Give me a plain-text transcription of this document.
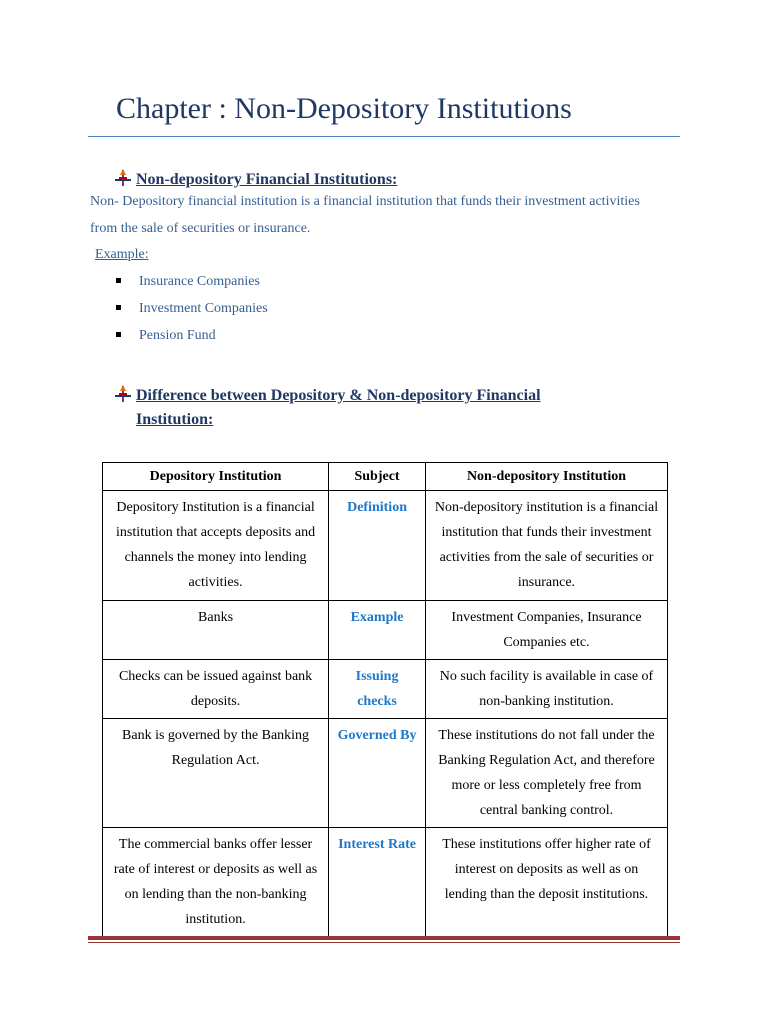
Chapter : Non-Depository Institutions
Non-depository Financial Institutions:

Non- Depository financial institution is a financial institution that funds their investment activities from the sale of securities or insurance.

Example:

Insurance Companies
Investment Companies
Pension Fund
Difference between Depository & Non-depository Financial Institution:
Depository Institution	Subject	Non-depository Institution
Depository Institution is a financial institution that accepts deposits and channels the money into lending activities.	Definition	Non-depository institution is a financial institution that funds their investment activities from the sale of securities or insurance.
Banks	Example	Investment Companies, Insurance Companies etc.
Checks can be issued against bank deposits.	Issuing checks	No such facility is available in case of non-banking institution.
Bank is governed by the Banking Regulation Act.	Governed By	These institutions do not fall under the Banking Regulation Act, and therefore more or less completely free from central banking control.
The commercial banks offer lesser rate of interest or deposits as well as on lending than the non-banking institution.	Interest Rate	These institutions offer higher rate of interest on deposits as well as on lending than the deposit institutions.
